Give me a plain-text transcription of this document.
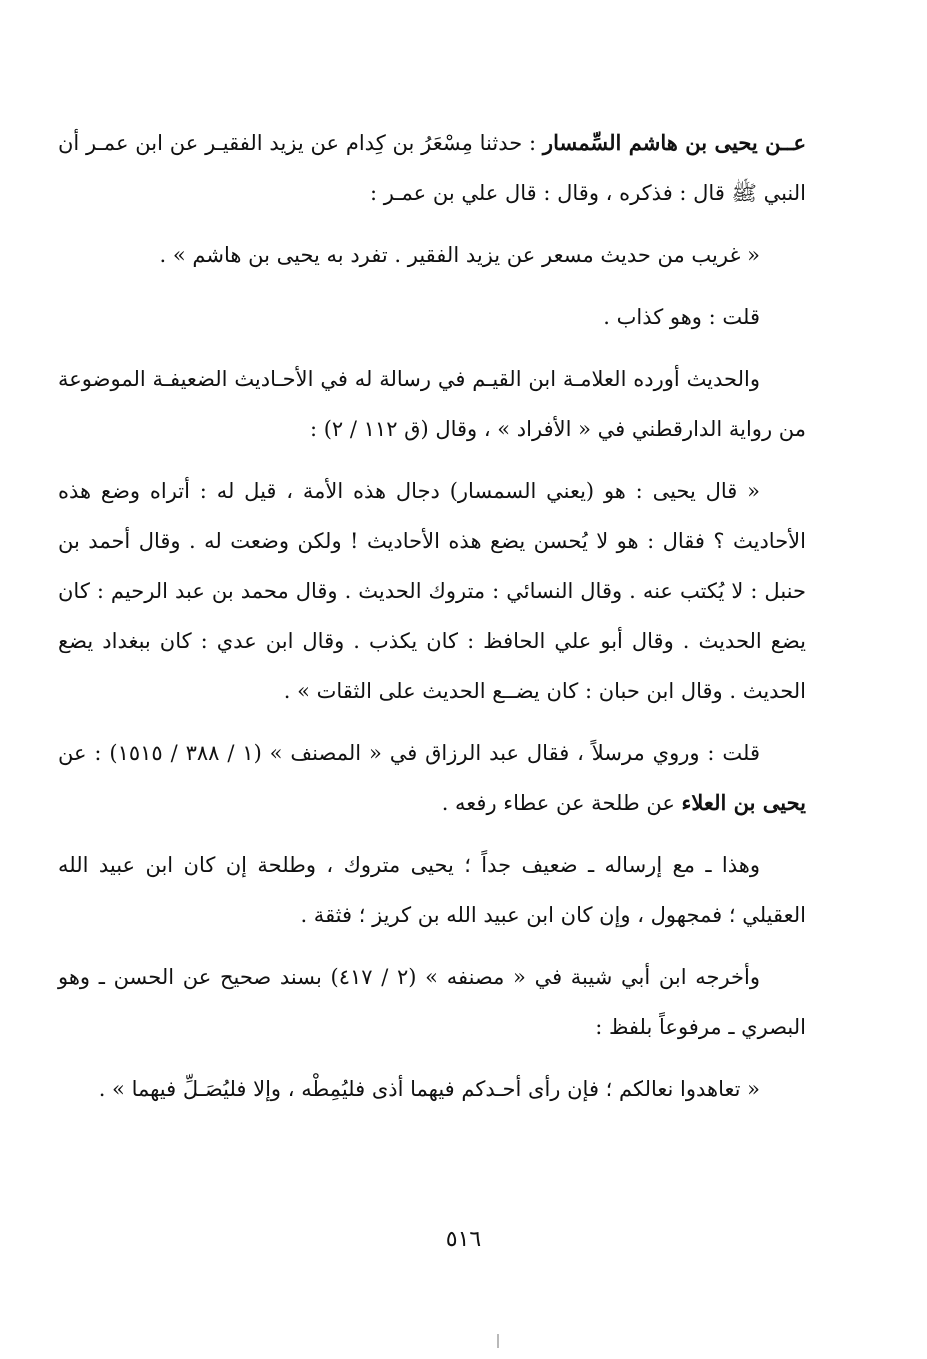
عــن يحيى بن هاشم السِّمسار : حدثنا مِسْعَرُ بن كِدام عن يزيد الفقيـر عن ابن عمـر أن النبي ﷺ قال : فذكره ، وقال : قال علي بن عمـر :

« غريب من حديث مسعر عن يزيد الفقير . تفرد به يحيى بن هاشم » .

قلت : وهو كذاب .

والحديث أورده العلامـة ابن القيـم في رسالة له في الأحـاديث الضعيفـة الموضوعة من رواية الدارقطني في « الأفراد » ، وقال (ق ١١٢ / ٢) :

« قال يحيى : هو (يعني السمسار) دجال هذه الأمة ، قيل له : أتراه وضع هذه الأحاديث ؟ فقال : هو لا يُحسن يضع هذه الأحاديث ! ولكن وضعت له . وقال أحمد بن حنبل : لا يُكتب عنه . وقال النسائي : متروك الحديث . وقال محمد بن عبد الرحيم : كان يضع الحديث . وقال أبو علي الحافظ : كان يكذب . وقال ابن عدي : كان ببغداد يضع الحديث . وقال ابن حبان : كان يضــع الحديث على الثقات » .

قلت : وروي مرسلاً ، فقال عبد الرزاق في « المصنف » (١ / ٣٨٨ / ١٥١٥) : عن يحيى بن العلاء عن طلحة عن عطاء رفعه .

وهذا ـ مع إرساله ـ ضعيف جداً ؛ يحيى متروك ، وطلحة إن كان ابن عبيد الله العقيلي ؛ فمجهول ، وإن كان ابن عبيد الله بن كريز ؛ فثقة .

وأخرجه ابن أبي شيبة في « مصنفه » (٢ / ٤١٧) بسند صحيح عن الحسن ـ وهو البصري ـ مرفوعاً بلفظ :

« تعاهدوا نعالكم ؛ فإن رأى أحـدكم فيهما أذى فليُمِطْه ، وإلا فليُصَـلِّ فيهما » .

٥١٦
